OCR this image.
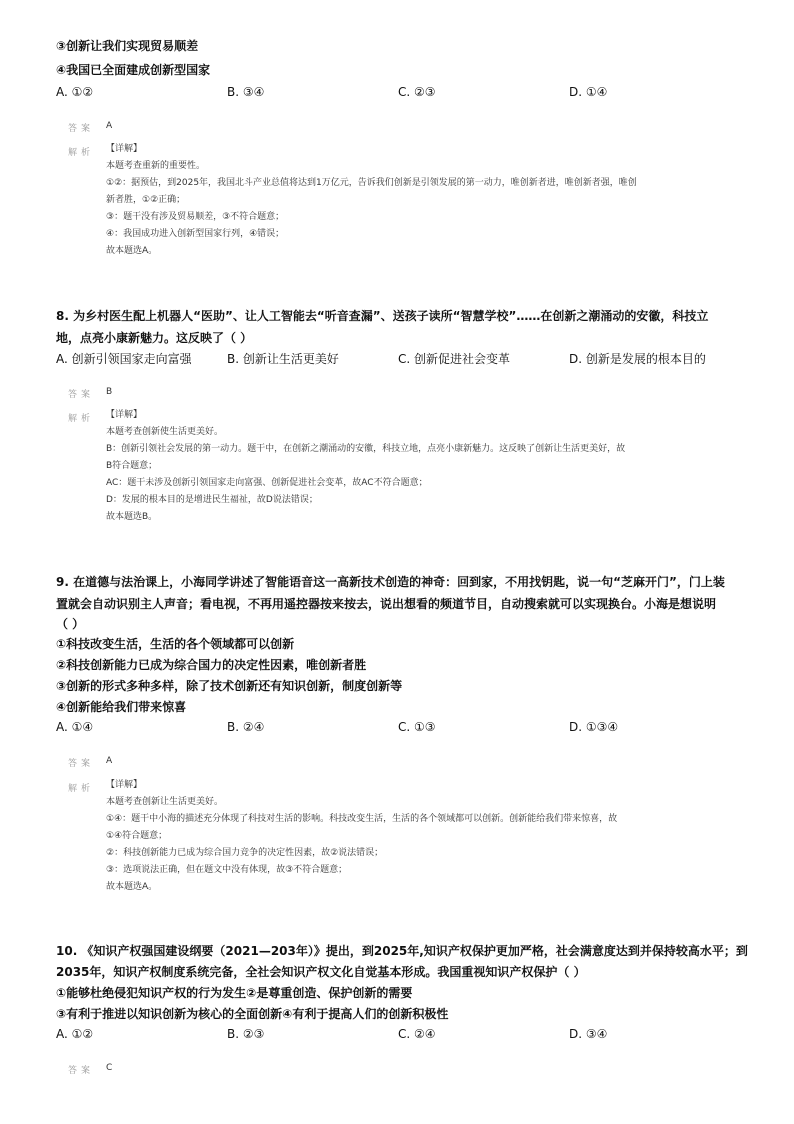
③创新让我们实现贸易顺差
④我国已全面建成创新型国家
A. ①②	B. ③④	C. ②③	D. ①④
答案 A
解析 【详解】
本题考查重新的重要性。
①②：据预估，到2025年，我国北斗产业总值将达到1万亿元，告诉我们创新是引领发展的第一动力，唯创新者进，唯创新者强，唯创
新者胜，①②正确；
③：题干没有涉及贸易顺差，③不符合题意；
④：我国成功进入创新型国家行列，④错误；
故本题选A。
8. 为乡村医生配上机器人“医助”、让人工智能去“听音查漏”、送孩子读所“智慧学校”……在创新之潮涌动的安徽，科技立
地，点亮小康新魅力。这反映了（ ）
A. 创新引领国家走向富强	B. 创新让生活更美好	C. 创新促进社会变革	D. 创新是发展的根本目的
答案 B
解析 【详解】
本题考查创新使生活更美好。
B：创新引领社会发展的第一动力。题干中，在创新之潮涌动的安徽，科技立地，点亮小康新魅力。这反映了创新让生活更美好，故
B符合题意；
AC：题干未涉及创新引领国家走向富强、创新促进社会变革，故AC不符合题意；
D：发展的根本目的是增进民生福祉，故D说法错误；
故本题选B。
9. 在道德与法治课上，小海同学讲述了智能语音这一高新技术创造的神奇：回到家，不用找钥匙，说一句“芝麻开门”，门上装
置就会自动识别主人声音；看电视，不再用遥控器按来按去，说出想看的频道节目，自动搜索就可以实现换台。小海是想说明
（ ）
①科技改变生活，生活的各个领域都可以创新
②科技创新能力已成为综合国力的决定性因素，唯创新者胜
③创新的形式多种多样，除了技术创新还有知识创新，制度创新等
④创新能给我们带来惊喜
A. ①④	B. ②④	C. ①③	D. ①③④
答案 A
解析 【详解】
本题考查创新让生活更美好。
①④：题干中小海的描述充分体现了科技对生活的影响。科技改变生活，生活的各个领域都可以创新。创新能给我们带来惊喜，故
①④符合题意；
②：科技创新能力已成为综合国力竞争的决定性因素，故②说法错误；
③：选项说法正确，但在题文中没有体现，故③不符合题意；
故本题选A。
10. 《知识产权强国建设纲要（2021—203年）》提出，到2025年,知识产权保护更加严格，社会满意度达到并保持较高水平；到
2035年，知识产权制度系统完备，全社会知识产权文化自觉基本形成。我国重视知识产权保护（ ）
①能够杜绝侵犯知识产权的行为发生②是尊重创造、保护创新的需要
③有利于推进以知识创新为核心的全面创新④有利于提高人们的创新积极性
A. ①②	B. ②③	C. ②④	D. ③④
答案 C
